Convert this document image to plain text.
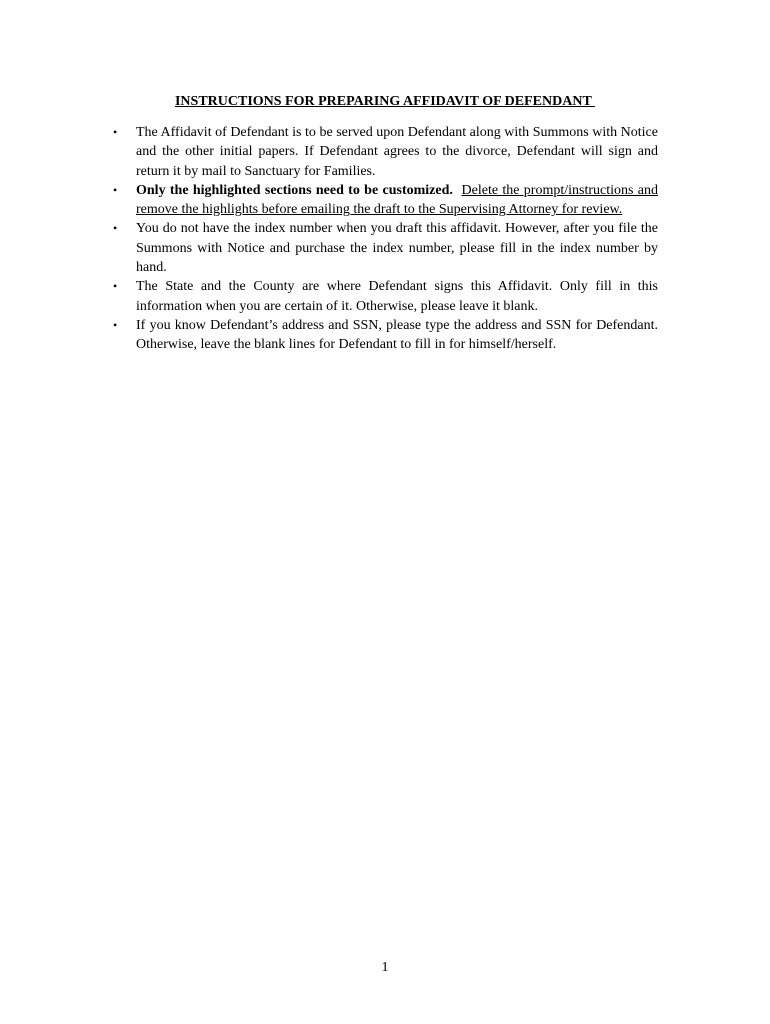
INSTRUCTIONS FOR PREPARING AFFIDAVIT OF DEFENDANT
• The Affidavit of Defendant is to be served upon Defendant along with Summons with Notice and the other initial papers. If Defendant agrees to the divorce, Defendant will sign and return it by mail to Sanctuary for Families.
• Only the highlighted sections need to be customized. Delete the prompt/instructions and remove the highlights before emailing the draft to the Supervising Attorney for review.
• You do not have the index number when you draft this affidavit. However, after you file the Summons with Notice and purchase the index number, please fill in the index number by hand.
• The State and the County are where Defendant signs this Affidavit. Only fill in this information when you are certain of it. Otherwise, please leave it blank.
• If you know Defendant’s address and SSN, please type the address and SSN for Defendant. Otherwise, leave the blank lines for Defendant to fill in for himself/herself.
1
